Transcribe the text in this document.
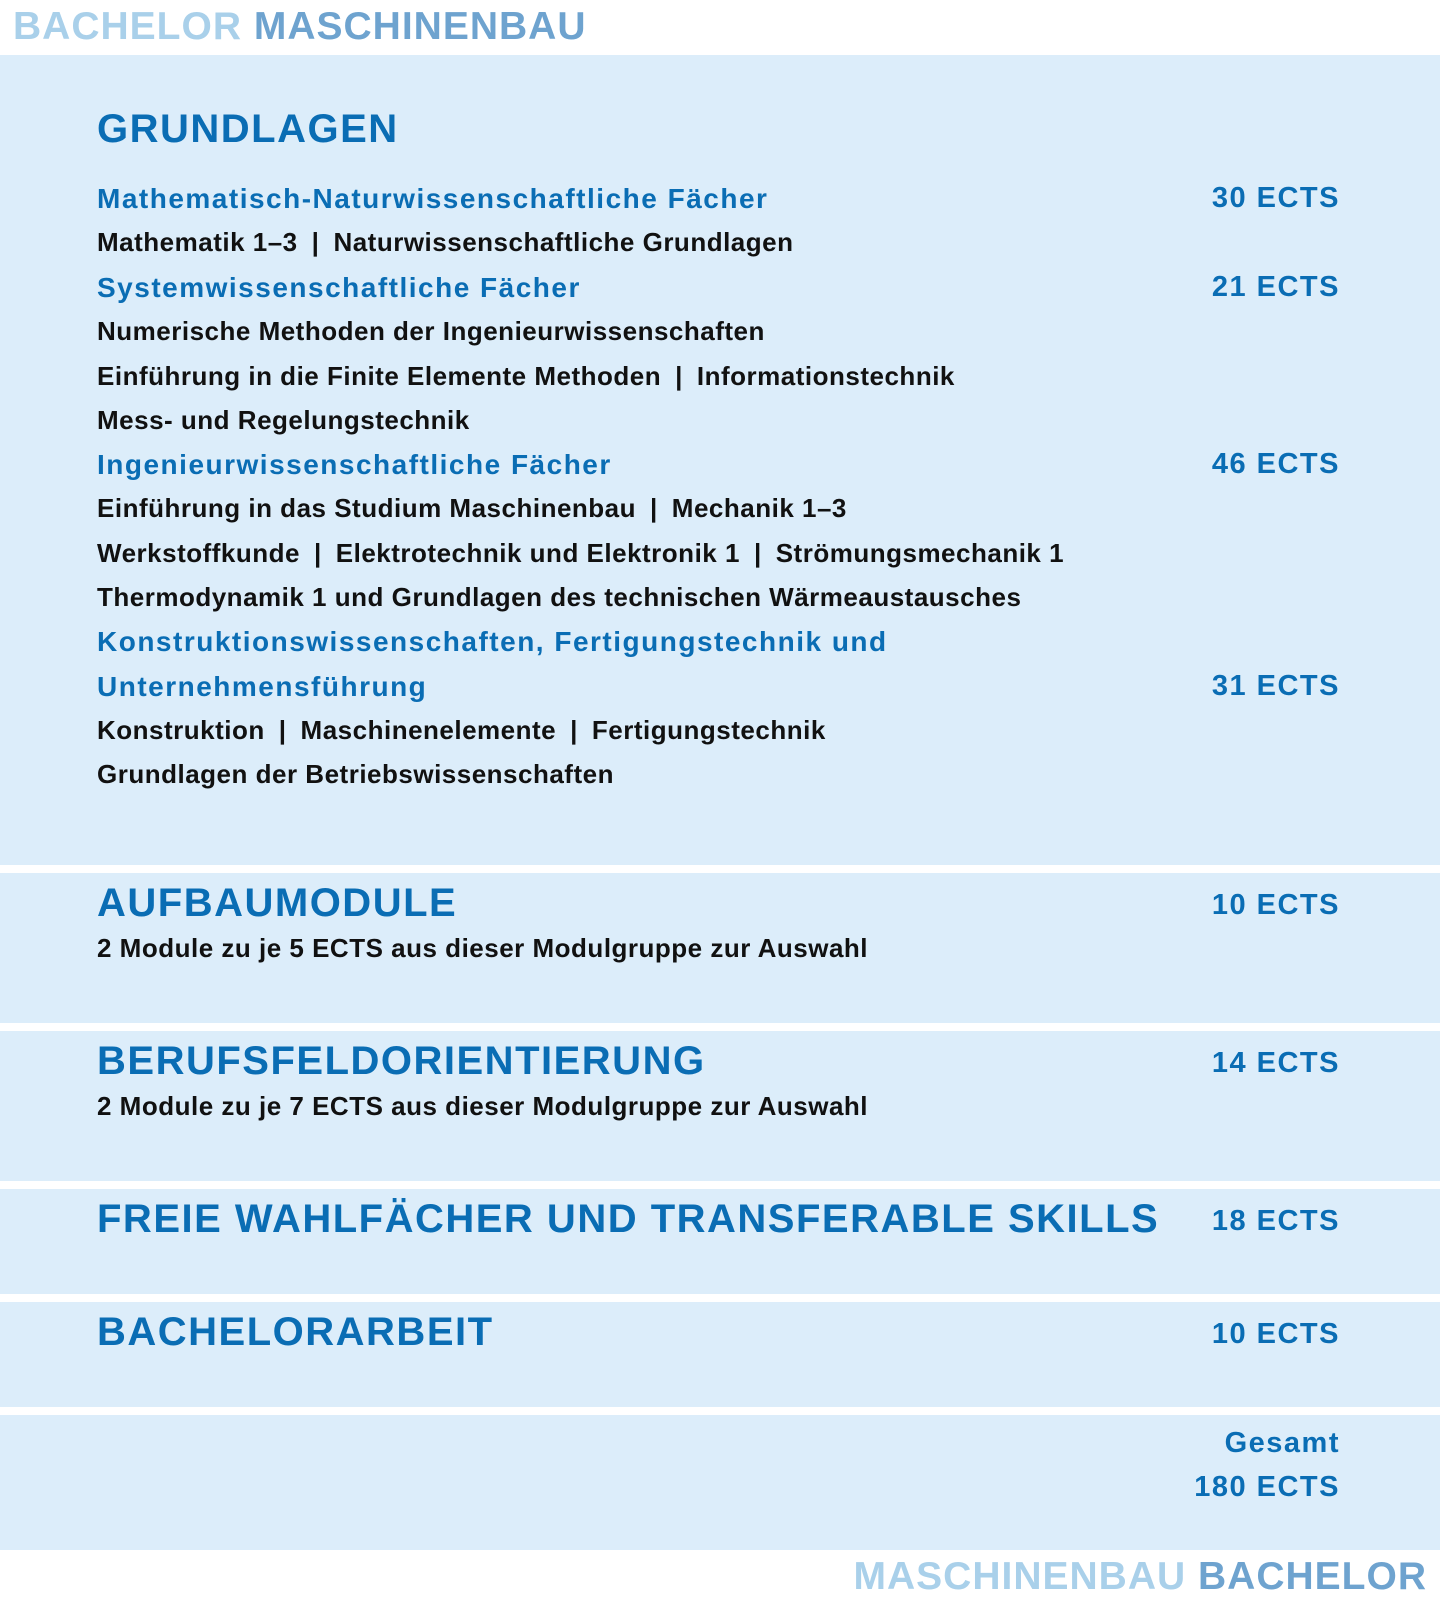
BACHELOR MASCHINENBAU
GRUNDLAGEN
Mathematisch-Naturwissenschaftliche Fächer	30 ECTS
Mathematik 1–3 | Naturwissenschaftliche Grundlagen
Systemwissenschaftliche Fächer	21 ECTS
Numerische Methoden der Ingenieurwissenschaften
Einführung in die Finite Elemente Methoden | Informationstechnik
Mess- und Regelungstechnik
Ingenieurwissenschaftliche Fächer	46 ECTS
Einführung in das Studium Maschinenbau | Mechanik 1–3
Werkstoffkunde | Elektrotechnik und Elektronik 1 | Strömungsmechanik 1
Thermodynamik 1 und Grundlagen des technischen Wärmeaustausches
Konstruktionswissenschaften, Fertigungstechnik und
Unternehmensführung	31 ECTS
Konstruktion | Maschinenelemente | Fertigungstechnik
Grundlagen der Betriebswissenschaften
AUFBAUMODULE	10 ECTS
2 Module zu je 5 ECTS aus dieser Modulgruppe zur Auswahl
BERUFSFELDORIENTIERUNG	14 ECTS
2 Module zu je 7 ECTS aus dieser Modulgruppe zur Auswahl
FREIE WAHLFÄCHER UND TRANSFERABLE SKILLS	18 ECTS
BACHELORARBEIT	10 ECTS
Gesamt
180 ECTS
MASCHINENBAU BACHELOR
